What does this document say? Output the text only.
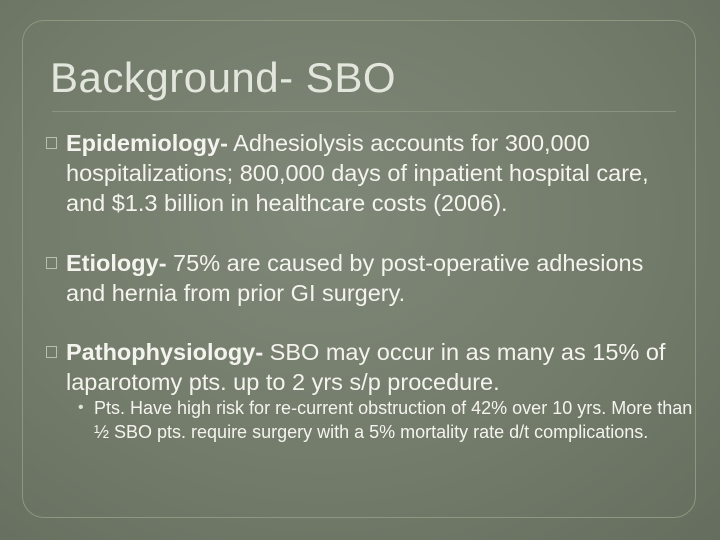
Background- SBO
Epidemiology- Adhesiolysis accounts for 300,000 hospitalizations; 800,000 days of inpatient hospital care, and $1.3 billion in healthcare costs (2006).
Etiology- 75% are caused by post-operative adhesions and hernia from prior GI surgery.
Pathophysiology- SBO may occur in as many as 15% of laparotomy pts. up to 2 yrs s/p procedure.
• Pts. Have high risk for re-current obstruction of 42% over 10 yrs. More than ½ SBO pts. require surgery with a 5% mortality rate d/t complications.
